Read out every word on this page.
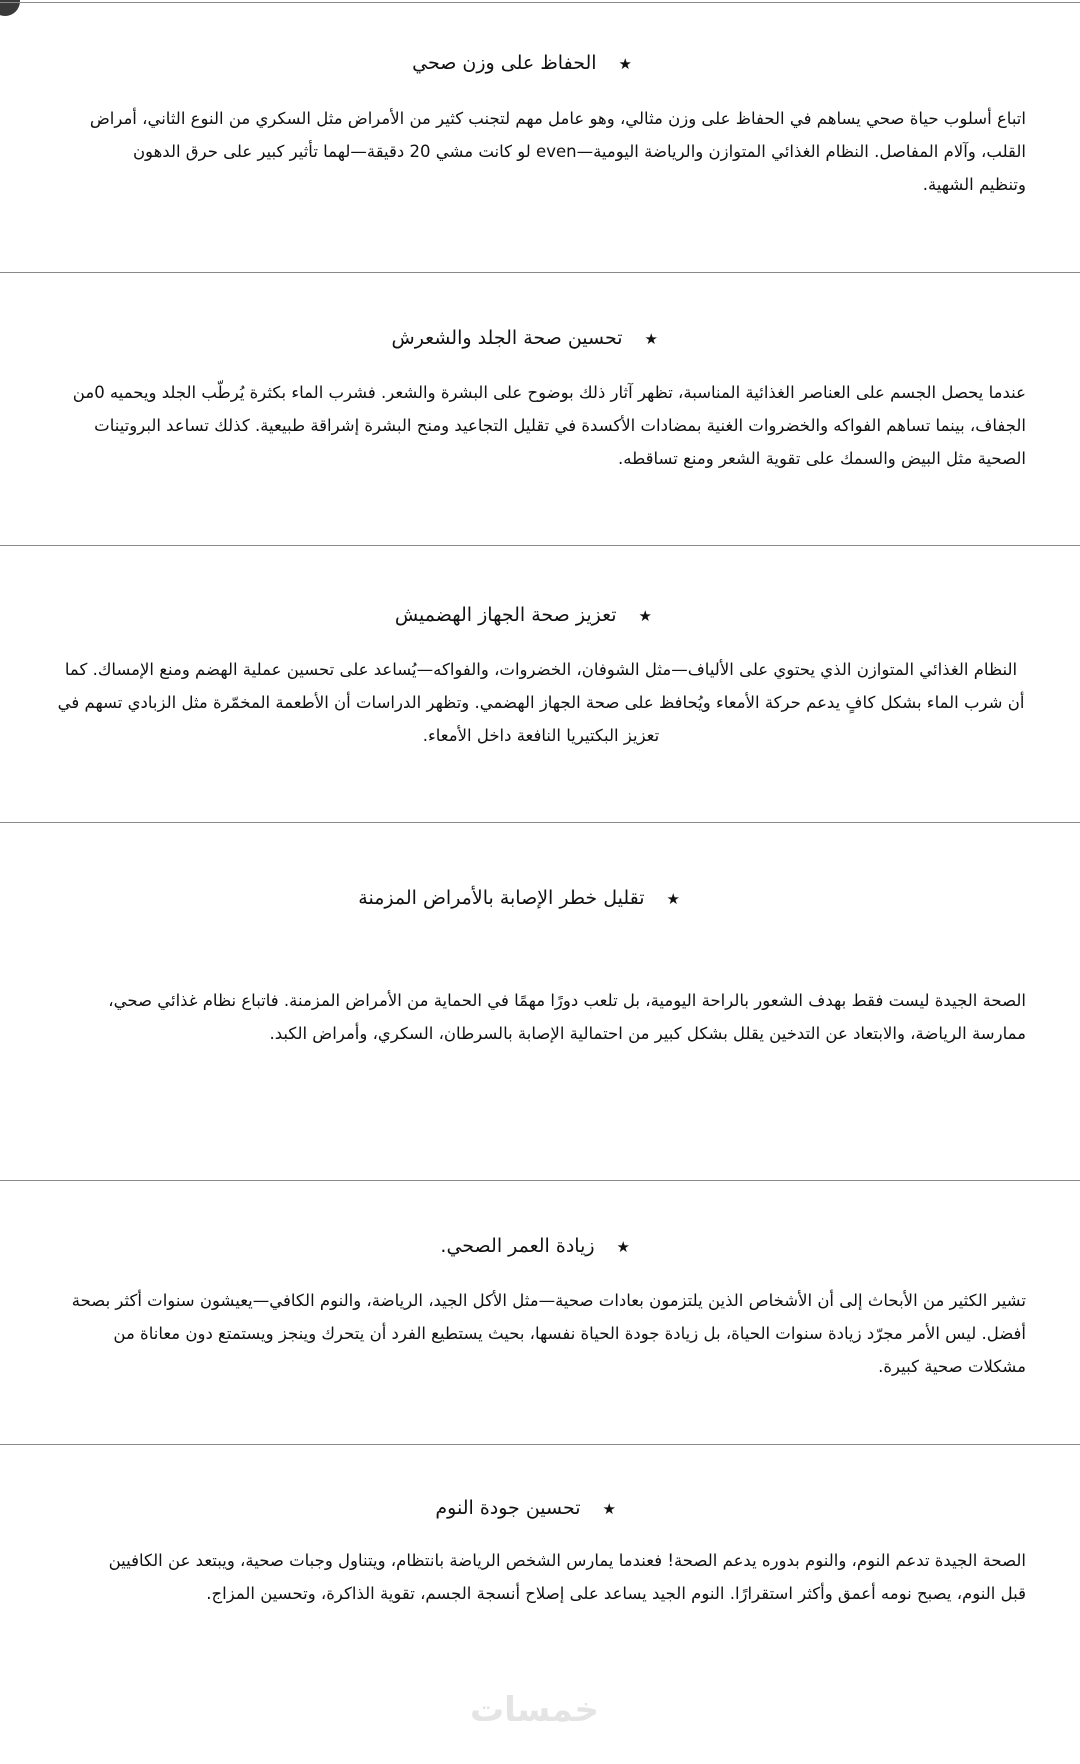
★الحفاظ على وزن صحي
اتباع أسلوب حياة صحي يساهم في الحفاظ على وزن مثالي، وهو عامل مهم لتجنب كثير من الأمراض مثل السكري من النوع الثاني، أمراض القلب، وآلام المفاصل. النظام الغذائي المتوازن والرياضة اليومية—even لو كانت مشي 20 دقيقة—لهما تأثير كبير على حرق الدهون وتنظيم الشهية.
★تحسين صحة الجلد والشعرش
عندما يحصل الجسم على العناصر الغذائية المناسبة، تظهر آثار ذلك بوضوح على البشرة والشعر. فشرب الماء بكثرة يُرطّب الجلد ويحميه 0من الجفاف، بينما تساهم الفواكه والخضروات الغنية بمضادات الأكسدة في تقليل التجاعيد ومنح البشرة إشراقة طبيعية. كذلك تساعد البروتينات الصحية مثل البيض والسمك على تقوية الشعر ومنع تساقطه.
★تعزيز صحة الجهاز الهضميش
النظام الغذائي المتوازن الذي يحتوي على الألياف—مثل الشوفان، الخضروات، والفواكه—يُساعد على تحسين عملية الهضم ومنع الإمساك. كما أن شرب الماء بشكل كافٍ يدعم حركة الأمعاء ويُحافظ على صحة الجهاز الهضمي. وتظهر الدراسات أن الأطعمة المخمّرة مثل الزبادي تسهم في تعزيز البكتيريا النافعة داخل الأمعاء.
★تقليل خطر الإصابة بالأمراض المزمنة
الصحة الجيدة ليست فقط بهدف الشعور بالراحة اليومية، بل تلعب دورًا مهمًا في الحماية من الأمراض المزمنة. فاتباع نظام غذائي صحي، ممارسة الرياضة، والابتعاد عن التدخين يقلل بشكل كبير من احتمالية الإصابة بالسرطان، السكري، وأمراض الكبد.
★زيادة العمر الصحي.
تشير الكثير من الأبحاث إلى أن الأشخاص الذين يلتزمون بعادات صحية—مثل الأكل الجيد، الرياضة، والنوم الكافي—يعيشون سنوات أكثر بصحة أفضل. ليس الأمر مجرّد زيادة سنوات الحياة، بل زيادة جودة الحياة نفسها، بحيث يستطيع الفرد أن يتحرك وينجز ويستمتع دون معاناة من مشكلات صحية كبيرة.
★تحسين جودة النوم
الصحة الجيدة تدعم النوم، والنوم بدوره يدعم الصحة! فعندما يمارس الشخص الرياضة بانتظام، ويتناول وجبات صحية، ويبتعد عن الكافيين قبل النوم، يصبح نومه أعمق وأكثر استقرارًا. النوم الجيد يساعد على إصلاح أنسجة الجسم، تقوية الذاكرة، وتحسين المزاج.
خمسات
